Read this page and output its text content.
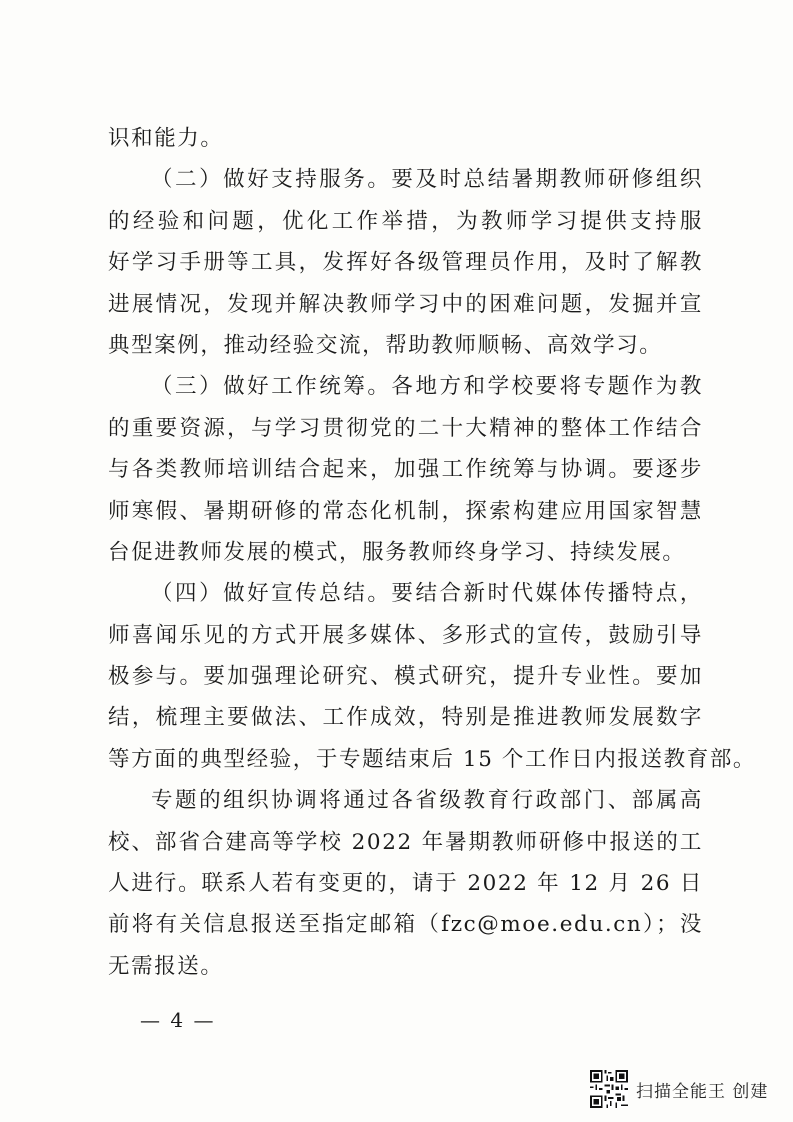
识和能力。
（二）做好支持服务。要及时总结暑期教师研修组织
的经验和问题，优化工作举措，为教师学习提供支持服
好学习手册等工具，发挥好各级管理员作用，及时了解教
进展情况，发现并解决教师学习中的困难问题，发掘并宣
典型案例，推动经验交流，帮助教师顺畅、高效学习。
（三）做好工作统筹。各地方和学校要将专题作为教
的重要资源，与学习贯彻党的二十大精神的整体工作结合
与各类教师培训结合起来，加强工作统筹与协调。要逐步
师寒假、暑期研修的常态化机制，探索构建应用国家智慧
台促进教师发展的模式，服务教师终身学习、持续发展。
（四）做好宣传总结。要结合新时代媒体传播特点，
师喜闻乐见的方式开展多媒体、多形式的宣传，鼓励引导
极参与。要加强理论研究、模式研究，提升专业性。要加
结，梳理主要做法、工作成效，特别是推进教师发展数字
等方面的典型经验，于专题结束后 15 个工作日内报送教育部。
专题的组织协调将通过各省级教育行政部门、部属高
校、部省合建高等学校 2022 年暑期教师研修中报送的工
人进行。联系人若有变更的，请于 2022 年 12 月 26 日
前将有关信息报送至指定邮箱（fzc@moe.edu.cn）；没
无需报送。
— 4 —
扫描全能王 创建
